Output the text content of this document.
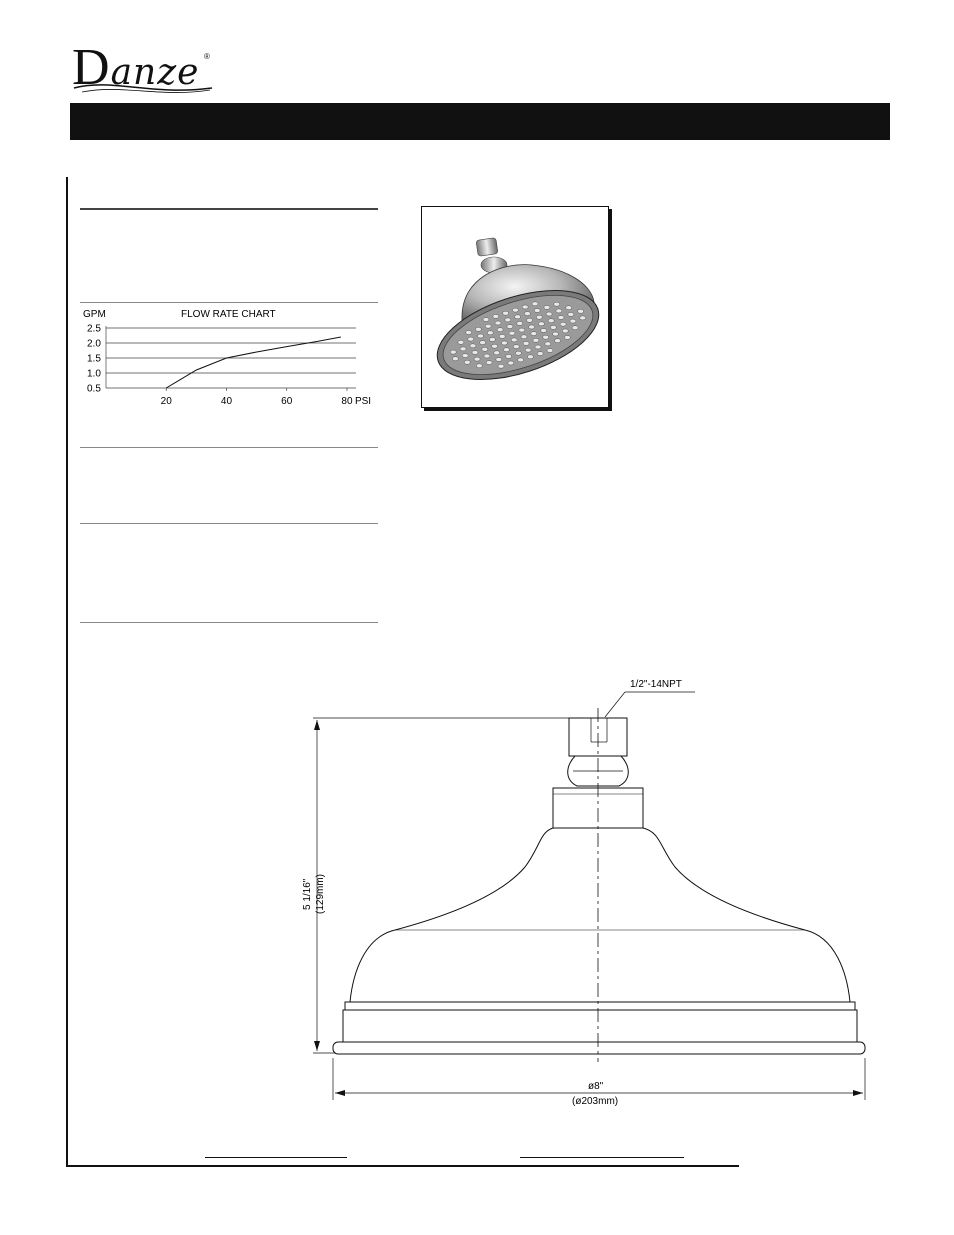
Danze ®
GPM	FLOW RATE CHART
2.5
2.0
1.5
1.0
0.5
20	40	60	80 PSI
1/2"-14NPT
5 1/16" (129mm)
ø8"
(ø203mm)
